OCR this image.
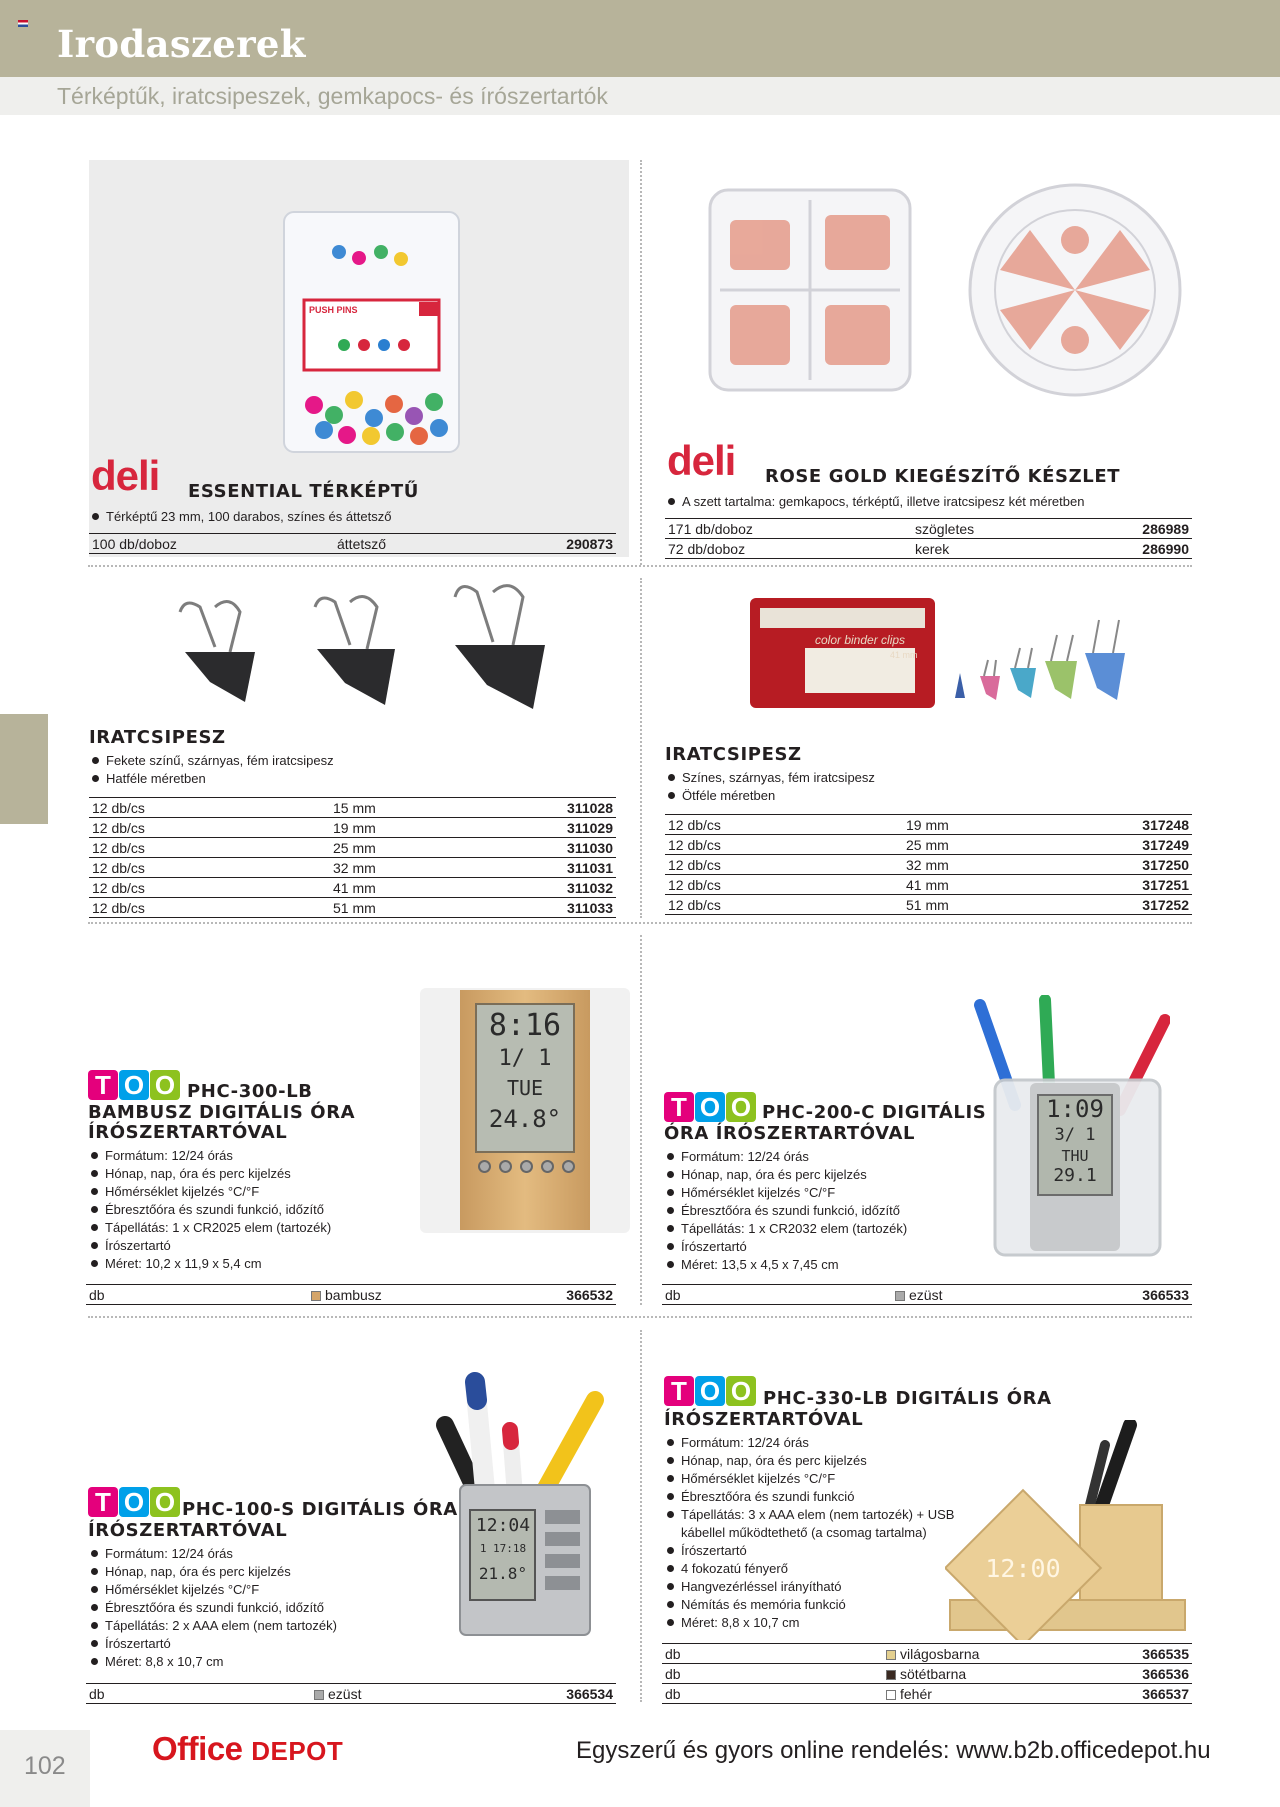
Irodaszerek
Térképtűk, iratcsipeszek, gemkapocs- és írószertartók
PUSH PINS
deli ESSENTIAL TÉRKÉPTŰ
Térképtű 23 mm, 100 darabos, színes és áttetsző
100 db/doboz	áttetsző	290873
deli ROSE GOLD KIEGÉSZÍTŐ KÉSZLET
A szett tartalma: gemkapocs, térképtű, illetve iratcsipesz két méretben
171 db/doboz	szögletes	286989
72 db/doboz	kerek	286990
IRATCSIPESZ
Fekete színű, szárnyas, fém iratcsipesz
Hatféle méretben
12 db/cs	15 mm	311028
12 db/cs	19 mm	311029
12 db/cs	25 mm	311030
12 db/cs	32 mm	311031
12 db/cs	41 mm	311032
12 db/cs	51 mm	311033
color binder clips
41 mm
IRATCSIPESZ
Színes, szárnyas, fém iratcsipesz
Ötféle méretben
12 db/cs	19 mm	317248
12 db/cs	25 mm	317249
12 db/cs	32 mm	317250
12 db/cs	41 mm	317251
12 db/cs	51 mm	317252
8:16
1/ 1
TUE
24.8°
T O O PHC-300-LB
BAMBUSZ DIGITÁLIS ÓRA
ÍRÓSZERTARTÓVAL
Formátum: 12/24 órás
Hónap, nap, óra és perc kijelzés
Hőmérséklet kijelzés °C/°F
Ébresztőóra és szundi funkció, időzítő
Tápellátás: 1 x CR2025 elem (tartozék)
Írószertartó
Méret: 10,2 x 11,9 x 5,4 cm
db	bambusz	366532
1:09
3/ 1
THU
29.1
T O O PHC-200-C DIGITÁLIS
ÓRA ÍRÓSZERTARTÓVAL
Formátum: 12/24 órás
Hónap, nap, óra és perc kijelzés
Hőmérséklet kijelzés °C/°F
Ébresztőóra és szundi funkció, időzítő
Tápellátás: 1 x CR2032 elem (tartozék)
Írószertartó
Méret: 13,5 x 4,5 x 7,45 cm
db	ezüst	366533
12:04
1 17:18
21.8°
T O O PHC-100-S DIGITÁLIS ÓRA
ÍRÓSZERTARTÓVAL
Formátum: 12/24 órás
Hónap, nap, óra és perc kijelzés
Hőmérséklet kijelzés °C/°F
Ébresztőóra és szundi funkció, időzítő
Tápellátás: 2 x AAA elem (nem tartozék)
Írószertartó
Méret: 8,8 x 10,7 cm
db	ezüst	366534
12:00
T O O PHC-330-LB DIGITÁLIS ÓRA
ÍRÓSZERTARTÓVAL
Formátum: 12/24 órás
Hónap, nap, óra és perc kijelzés
Hőmérséklet kijelzés °C/°F
Ébresztőóra és szundi funkció
Tápellátás: 3 x AAA elem (nem tartozék) + USB kábellel működtethető (a csomag tartalma)
Írószertartó
4 fokozatú fényerő
Hangvezérléssel irányítható
Némítás és memória funkció
Méret: 8,8 x 10,7 cm
db	világosbarna	366535
db	sötétbarna	366536
db	fehér	366537
102	Office DEPOT	Egyszerű és gyors online rendelés: www.b2b.officedepot.hu
